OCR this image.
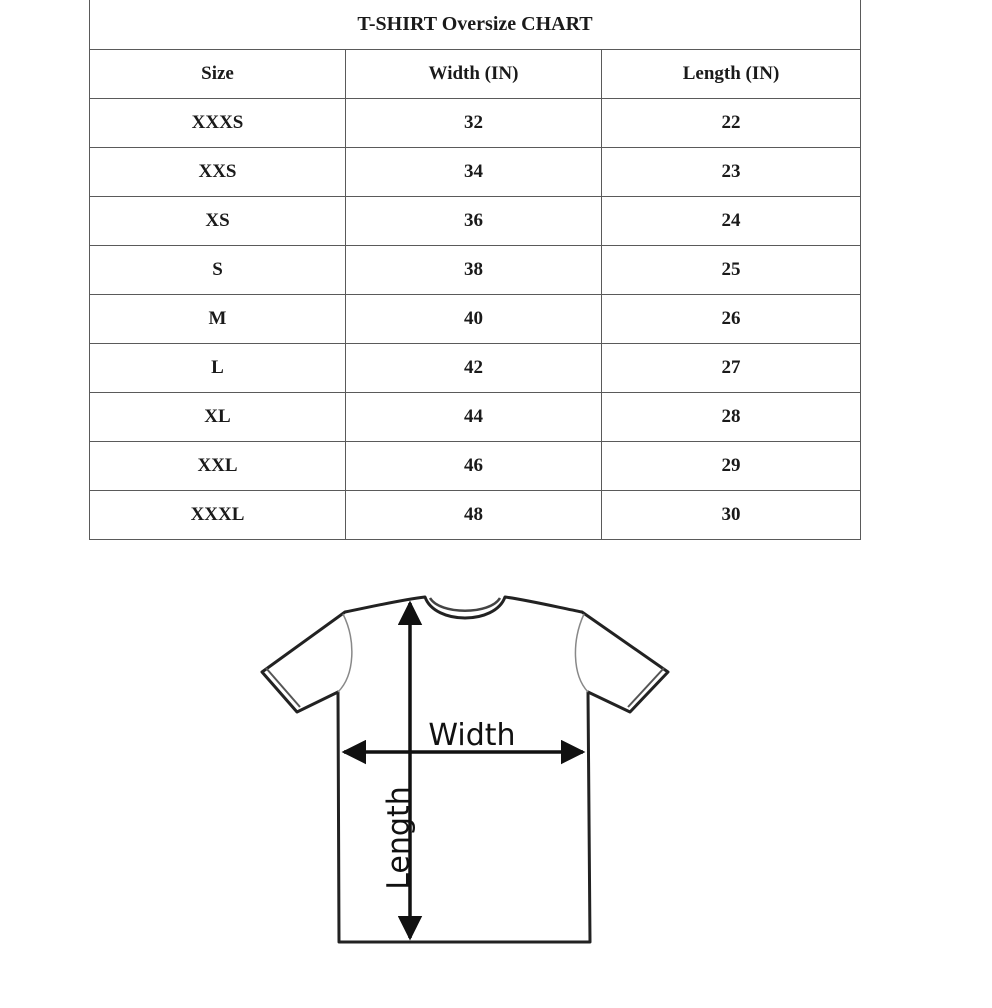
T-SHIRT Oversize CHART		
Size	Width (IN)	Length (IN)
XXXS	32	22
XXS	34	23
XS	36	24
S	38	25
M	40	26
L	42	27
XL	44	28
XXL	46	29
XXXL	48	30
Width
Length
